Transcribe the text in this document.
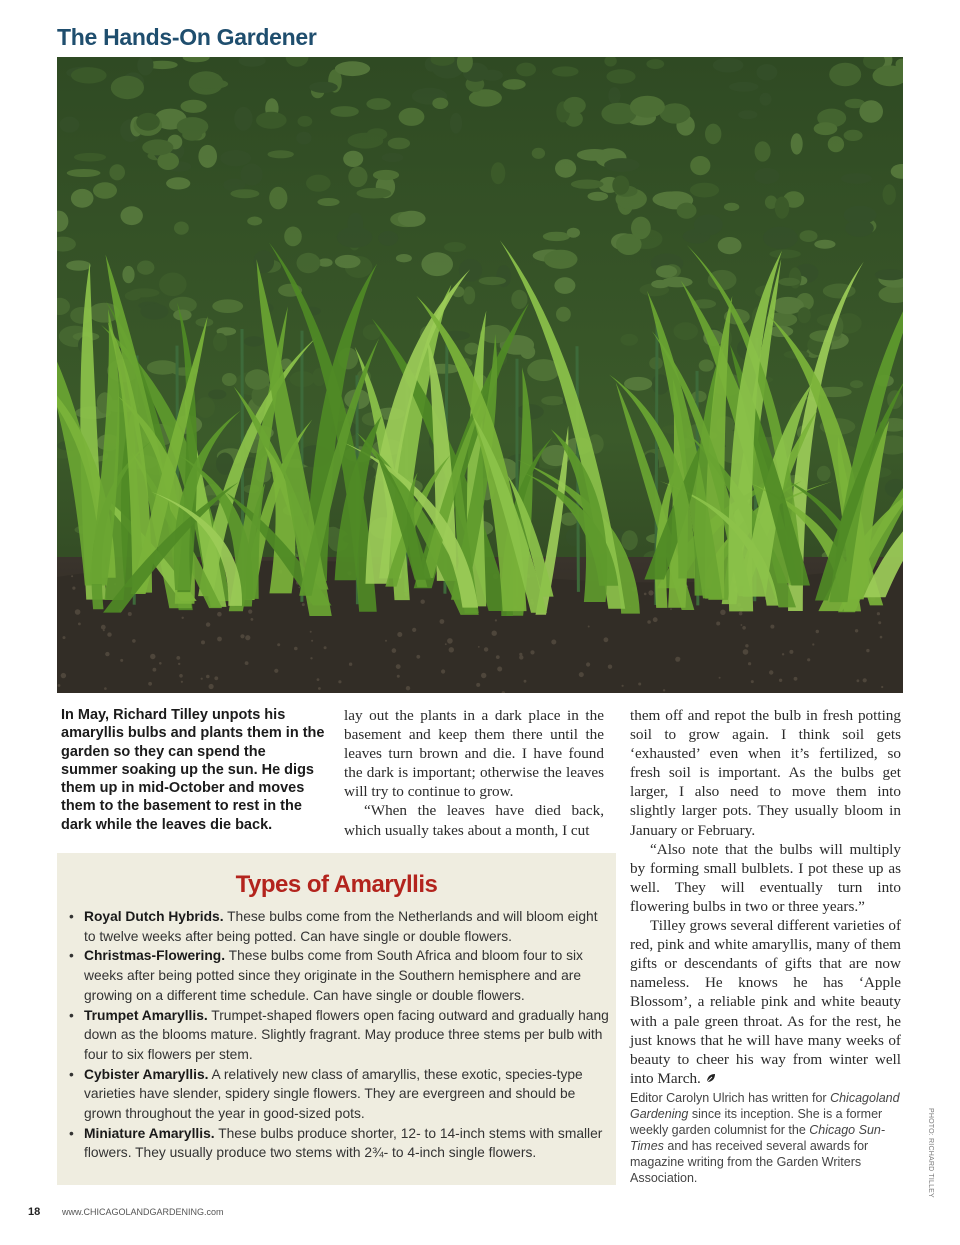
The Hands-On Gardener
In May, Richard Tilley unpots his amaryllis bulbs and plants them in the garden so they can spend the summer soaking up the sun. He digs them up in mid-October and moves them to the basement to rest in the dark while the leaves die back.

lay out the plants in a dark place in the basement and keep them there until the leaves turn brown and die. I have found the dark is important; otherwise the leaves will try to continue to grow.

“When the leaves have died back, which usually takes about a month, I cut

them off and repot the bulb in fresh potting soil to grow again. I think soil gets ‘exhausted’ even when it’s fertilized, so fresh soil is important. As the bulbs get larger, I also need to move them into slightly larger pots. They usually bloom in January or February.

“Also note that the bulbs will multiply by forming small bulblets. I pot these up as well. They will eventually turn into flowering bulbs in two or three years.”

Tilley grows several different varieties of red, pink and white amaryllis, many of them gifts or descendants of gifts that are now nameless. He knows he has ‘Apple Blossom’, a reliable pink and white beauty with a pale green throat. As for the rest, he just knows that he will have many weeks of beauty to cheer his way from winter well into March.

Editor Carolyn Ulrich has written for Chicagoland Gardening since its inception. She is a former weekly garden columnist for the Chicago Sun-Times and has received several awards for magazine writing from the Garden Writers Association.

Types of Amaryllis
• Royal Dutch Hybrids. These bulbs come from the Netherlands and will bloom eight to twelve weeks after being potted. Can have single or double flowers.
• Christmas-Flowering. These bulbs come from South Africa and bloom four to six weeks after being potted since they originate in the Southern hemisphere and are growing on a different time schedule. Can have single or double flowers.
• Trumpet Amaryllis. Trumpet-shaped flowers open facing outward and gradually hang down as the blooms mature. Slightly fragrant. May produce three stems per bulb with four to six flowers per stem.
• Cybister Amaryllis. A relatively new class of amaryllis, these exotic, species-type varieties have slender, spidery single flowers. They are evergreen and should be grown throughout the year in good-sized pots.
• Miniature Amaryllis. These bulbs produce shorter, 12- to 14-inch stems with smaller flowers. They usually produce two stems with 2¾- to 4-inch single flowers.
18 www.CHICAGOLANDGARDENING.com
PHOTO: RICHARD TILLEY
